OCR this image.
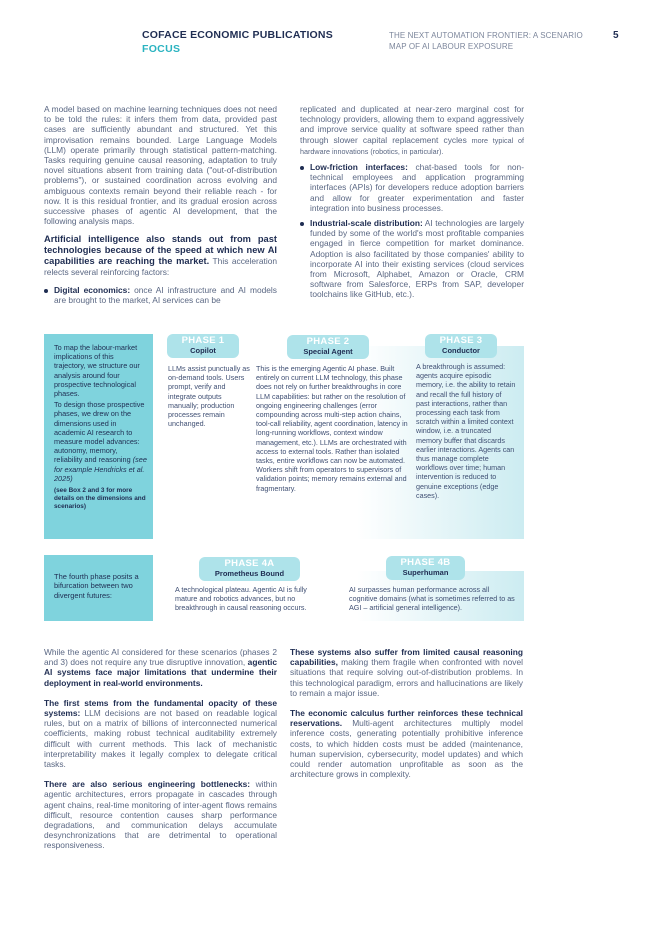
COFACE ECONOMIC PUBLICATIONS
FOCUS
THE NEXT AUTOMATION FRONTIER: A SCENARIO MAP OF AI LABOUR EXPOSURE
5

A model based on machine learning techniques does not need to be told the rules: it infers them from data, provided past cases are sufficiently abundant and structured. Yet this improvisation remains bounded. Large Language Models (LLM) operate primarily through statistical pattern-matching. Tasks requiring genuine causal reasoning, adaptation to truly novel situations absent from training data ("out-of-distribution problems"), or sustained coordination across evolving and ambiguous contexts remain beyond their reliable reach - for now. It is this residual frontier, and its gradual erosion across successive phases of agentic AI development, that the following analysis maps.

Artificial intelligence also stands out from past technologies because of the speed at which new AI capabilities are reaching the market. This acceleration relects several reinforcing factors:

Digital economics: once AI infrastructure and AI models are brought to the market, AI services can be

replicated and duplicated at near-zero marginal cost for technology providers, allowing them to expand aggressively and improve service quality at software speed rather than through slower capital replacement cycles more typical of hardware innovations (robotics, in particular).

Low-friction interfaces: chat-based tools for non-technical employees and application programming interfaces (APIs) for developers reduce adoption barriers and allow for greater experimentation and faster integration into business processes.
Industrial-scale distribution: AI technologies are largely funded by some of the world's most profitable companies engaged in fierce competition for market dominance. Adoption is also facilitated by those companies' ability to incorporate AI into their existing services (cloud services from Microsoft, Alphabet, Amazon or Oracle, CRM software from Salesforce, ERPs from SAP, developer toolchains like GitHub, etc.).

To map the labour-market implications of this trajectory, we structure our analysis around four prospective technological phases.

To design those prospective phases, we drew on the dimensions used in academic AI research to measure model advances: autonomy, memory, reliability and reasoning (see for example Hendricks et al. 2025)

(see Box 2 and 3 for more details on the dimensions and scenarios)

PHASE 1
Copilot
LLMs assist punctually as on-demand tools. Users prompt, verify and integrate outputs manually; production processes remain unchanged.
PHASE 2
Special Agent
This is the emerging Agentic AI phase. Built entirely on current LLM technology, this phase does not rely on further breakthroughs in core LLM capabilities: but rather on the resolution of ongoing engineering challenges (error compounding across multi-step action chains, tool-call reliability, agent coordination, latency in long-running workflows, context window management, etc.). LLMs are orchestrated with access to external tools. Rather than isolated tasks, entire workflows can now be automated. Workers shift from operators to supervisors of validation points; memory remains external and fragmentary.
PHASE 3
Conductor
A breakthrough is assumed: agents acquire episodic memory, i.e. the ability to retain and recall the full history of past interactions, rather than processing each task from scratch within a limited context window, i.e. a truncated memory buffer that discards earlier interactions. Agents can thus manage complete workflows over time; human intervention is reduced to genuine exceptions (edge cases).
The fourth phase posits a bifurcation between two divergent futures:
PHASE 4A
Prometheus Bound
A technological plateau. Agentic AI is fully mature and robotics advances, but no breakthrough in causal reasoning occurs.
PHASE 4B
Superhuman
AI surpasses human performance across all cognitive domains (what is sometimes referred to as AGI – artificial general intelligence).

While the agentic AI considered for these scenarios (phases 2 and 3) does not require any true disruptive innovation, agentic AI systems face major limitations that undermine their deployment in real-world environments.

The first stems from the fundamental opacity of these systems: LLM decisions are not based on readable logical rules, but on a matrix of billions of interconnected numerical coefficients, making robust technical auditability extremely difficult with current methods. This lack of mechanistic interpretability makes it legally complex to delegate critical tasks.

There are also serious engineering bottlenecks: within agentic architectures, errors propagate in cascades through agent chains, real-time monitoring of inter-agent flows remains difficult, resource contention causes sharp performance degradations, and communication delays accumulate desynchronizations that are detrimental to operational responsiveness.

These systems also suffer from limited causal reasoning capabilities, making them fragile when confronted with novel situations that require solving out-of-distribution problems. In this technological paradigm, errors and hallucinations are likely to remain a major issue.

The economic calculus further reinforces these technical reservations. Multi-agent architectures multiply model inference costs, generating potentially prohibitive inference costs, to which hidden costs must be added (maintenance, human supervision, cybersecurity, model updates) and which could render automation unprofitable as soon as the architecture grows in complexity.
